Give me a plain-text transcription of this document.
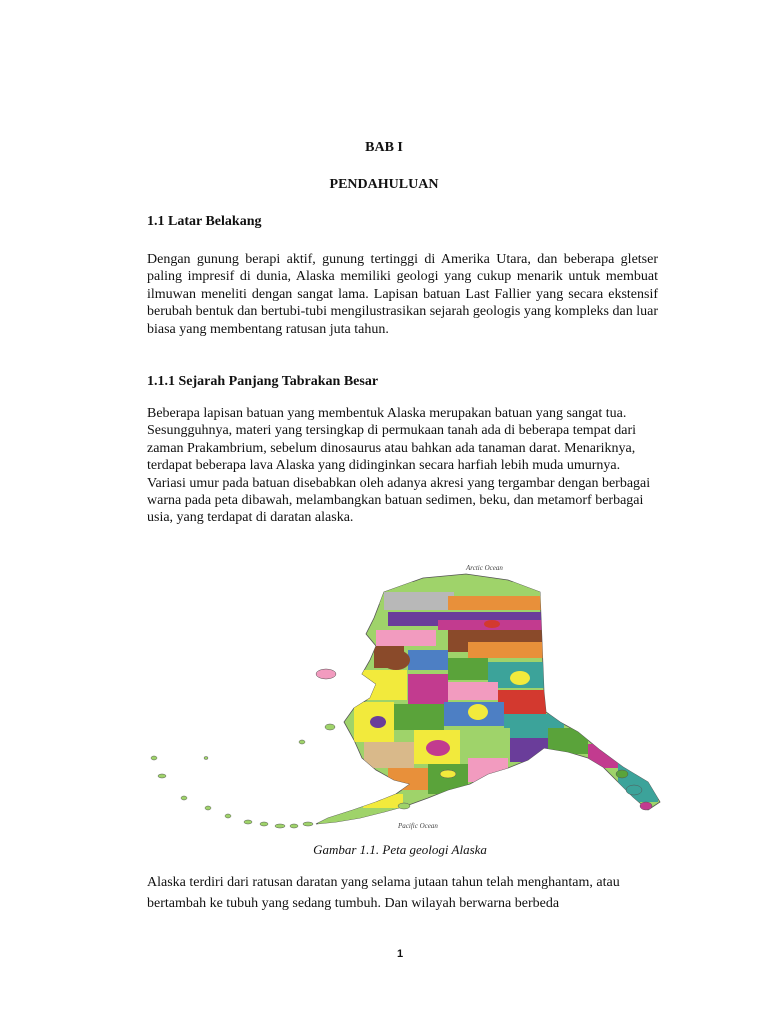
BAB I

PENDAHULUAN

1.1 Latar Belakang

Dengan gunung berapi aktif, gunung tertinggi di Amerika Utara, dan beberapa gletser paling impresif di dunia, Alaska memiliki geologi yang cukup menarik untuk membuat ilmuwan meneliti dengan sangat lama. Lapisan batuan Last Fallier yang secara ekstensif berubah bentuk dan bertubi-tubi mengilustrasikan sejarah geologis yang kompleks dan luar biasa yang membentang ratusan juta tahun.

1.1.1 Sejarah Panjang Tabrakan Besar

Beberapa lapisan batuan yang membentuk Alaska merupakan batuan yang sangat tua. Sesungguhnya, materi yang tersingkap di permukaan tanah ada di beberapa tempat dari zaman Prakambrium, sebelum dinosaurus atau bahkan ada tanaman darat. Menariknya, terdapat beberapa lava Alaska yang didinginkan secara harfiah lebih muda umurnya. Variasi umur pada batuan disebabkan oleh adanya akresi yang tergambar dengan berbagai warna pada peta dibawah, melambangkan batuan sedimen, beku, dan metamorf berbagai usia, yang terdapat di daratan alaska.

Arctic Ocean
Pacific Ocean

Gambar 1.1. Peta geologi Alaska

Alaska terdiri dari ratusan daratan yang selama jutaan tahun telah menghantam, atau bertambah ke tubuh yang sedang tumbuh. Dan wilayah berwarna berbeda

1
